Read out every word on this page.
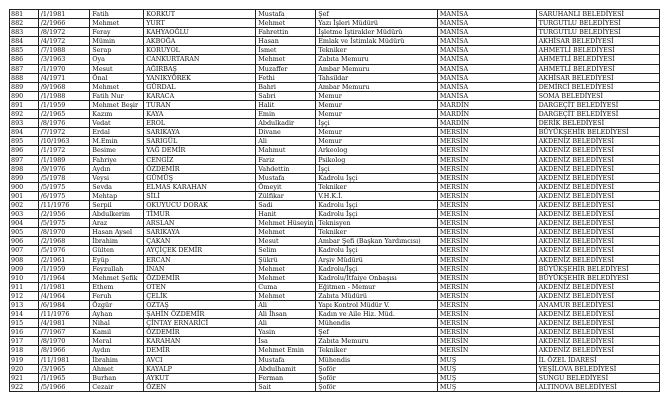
881	/1/1981	Fatih	KORKUT	Mustafa	Şef	MANİSA	SARUHANLI BELEDİYESİ
882	/2/1966	Mehmet	YURT	Mehmet	Yazı İşleri Müdürü	MANİSA	TURGUTLU BELEDİYESİ
883	/8/1972	Feray	KAHYAOĞLU	Fahrettin	İşletme İştirakler Müdürü	MANİSA	TURGUTLU BELEDİYESİ
884	/4/1972	Mümin	AKBOĞA	Hasan	Emlak ve İstimlak Müdürü	MANİSA	AKHİSAR BELEDİYESİ
885	/7/1988	Serap	KORUYOL	İsmet	Tekniker	MANİSA	AHMETLİ BELEDİYESİ
886	/3/1963	Oya	CANKURTARAN	Mehmet	Zabıta Memuru	MANİSA	AHMETLİ BELEDİYESİ
887	/1/1970	Mesut	AĞIRBAŞ	Muzaffer	Ambar Memuru	MANİSA	AHMETLİ BELEDİYESİ
888	/4/1971	Önal	YANIKYÖREK	Fethi	Tahsildar	MANİSA	AKHİSAR BELEDİYESİ
889	/9/1968	Mehmet	GÜRDAL	Bahri	Ambar Memuru	MANİSA	DEMİRCİ BELEDİYESİ
890	/1/1988	Fatih Nur	KARACA	Sabri	Memur	MANİSA	SOMA BELEDİYESİ
891	/1/1959	Mehmet Beşir	TURAN	Halit	Memur	MARDİN	DARGEÇİT BELEDİYESİ
892	/2/1965	Kazım	KAYA	Emin	Memur	MARDİN	DARGEÇİT BELEDİYESİ
893	/8/1976	Vedat	EROL	Abdulkadir	İşçi	MARDİN	DERİK BELEDİYESİ
894	/7/1972	Erdal	SARIKAYA	Divane	Memur	MERSİN	BÜYÜKŞEHİR BELEDİYESİ
895	/10/1963	M.Emin	SARIGÜL	Ali	Memur	MERSİN	AKDENİZ BELEDİYESİ
896	/1/1972	Besime	YAĞ DEMİR	Mahmut	Arkeolog	MERSİN	AKDENİZ BELEDİYESİ
897	/1/1989	Fahriye	CENGİZ	Fariz	Psikolog	MERSİN	AKDENİZ BELEDİYESİ
898	/9/1976	Aydın	ÖZDEMİR	Vahdettin	İşçi	MERSİN	AKDENİZ BELEDİYESİ
899	/5/1978	Veysi	GÜMÜŞ	Mustafa	Kadrolu İşçi	MERSİN	AKDENİZ BELEDİYESİ
900	/5/1975	Sevda	ELMAS KARAHAN	Ömeyit	Tekniker	MERSİN	AKDENİZ BELEDİYESİ
901	/6/1975	Mehtap	SİLİ	Zülfikar	V.H.K.İ.	MERSİN	AKDENİZ BELEDİYESİ
902	/11/1976	Serpil	OKUYUCU DORAK	Sadi	Kadrolu İşçi	MERSİN	AKDENİZ BELEDİYESİ
903	/2/1956	Abdulkerim	TİMUR	Hanit	Kadrolu İşçi	MERSİN	AKDENİZ BELEDİYESİ
904	/5/1975	Araz	ARSLAN	Mehmet Hüseyin	Teknisyen	MERSİN	AKDENİZ BELEDİYESİ
905	/8/1970	Hasan Aysel	SARIKAYA	Mehmet	Tekniker	MERSİN	AKDENİZ BELEDİYESİ
906	/2/1968	İbrahim	ÇAKAN	Mesut	Ambar Şefi (Başkan Yardımcısı)	MERSİN	AKDENİZ BELEDİYESİ
907	/5/1976	Gülten	AYÇİÇEK DEMİR	Selim	Kadrolu İşçi	MERSİN	AKDENİZ BELEDİYESİ
908	/2/1961	Eyüp	ERCAN	Şükrü	Arşiv Müdürü	MERSİN	AKDENİZ BELEDİYESİ
909	/1/1959	Feyzullah	İNAN	Mehmet	Kadrolu/İşçi	MERSİN	BÜYÜKŞEHİR BELEDİYESİ
910	/1/1964	Mehmet Şefik	ÖZDEMİR	Mehmet	Kadrolu/İtfaiye Onbaşısı	MERSİN	BÜYÜKŞEHİR BELEDİYESİ
911	/1/1981	Ethem	OTEN	Cuma	Eğitmen - Memur	MERSİN	AKDENİZ BELEDİYESİ
912	/4/1964	Feruh	ÇELİK	Mehmet	Zabıta Müdürü	MERSİN	AKDENİZ BELEDİYESİ
913	/6/1984	Özgür	OZTAŞ	Ali	Yapı Kontrol Müdür V.	MERSİN	ANAMUR BELEDİYESİ
914	/11/1976	Ayhan	ŞAHİN ÖZDEMİR	Ali İhsan	Kadın ve Aile Hiz. Müd.	MERSİN	AKDENİZ BELEDİYESİ
915	/4/1981	Nihal	ÇİNTAY ERNARİCİ	Ali	Mühendis	MERSİN	AKDENİZ BELEDİYESİ
916	/7/1967	Kamil	ÖZDEMİR	Yasin	Şef	MERSİN	AKDENİZ BELEDİYESİ
917	/8/1970	Meral	KARAHAN	İsa	Zabıta Memuru	MERSİN	AKDENİZ BELEDİYESİ
918	/8/1966	Aydın	DEMİR	Mehmet Emin	Tekniker	MERSİN	AKDENİZ BELEDİYESİ
919	/11/1981	İbrahim	AVCI	Mustafa	Mühendis	MUŞ	İL ÖZEL İDARESİ
920	/3/1965	Ahmet	KAYALP	Abdulhamit	Şoför	MUŞ	YEŞİLOVA BELEDİYESİ
921	/1/1965	Burhan	AYKUT	Ferman	Şoför	MUŞ	SUNGU BELEDİYESİ
922	/5/1966	Cezair	ÖZEN	Sait	Şoför	MUŞ	ALTINOVA BELEDİYESİ
